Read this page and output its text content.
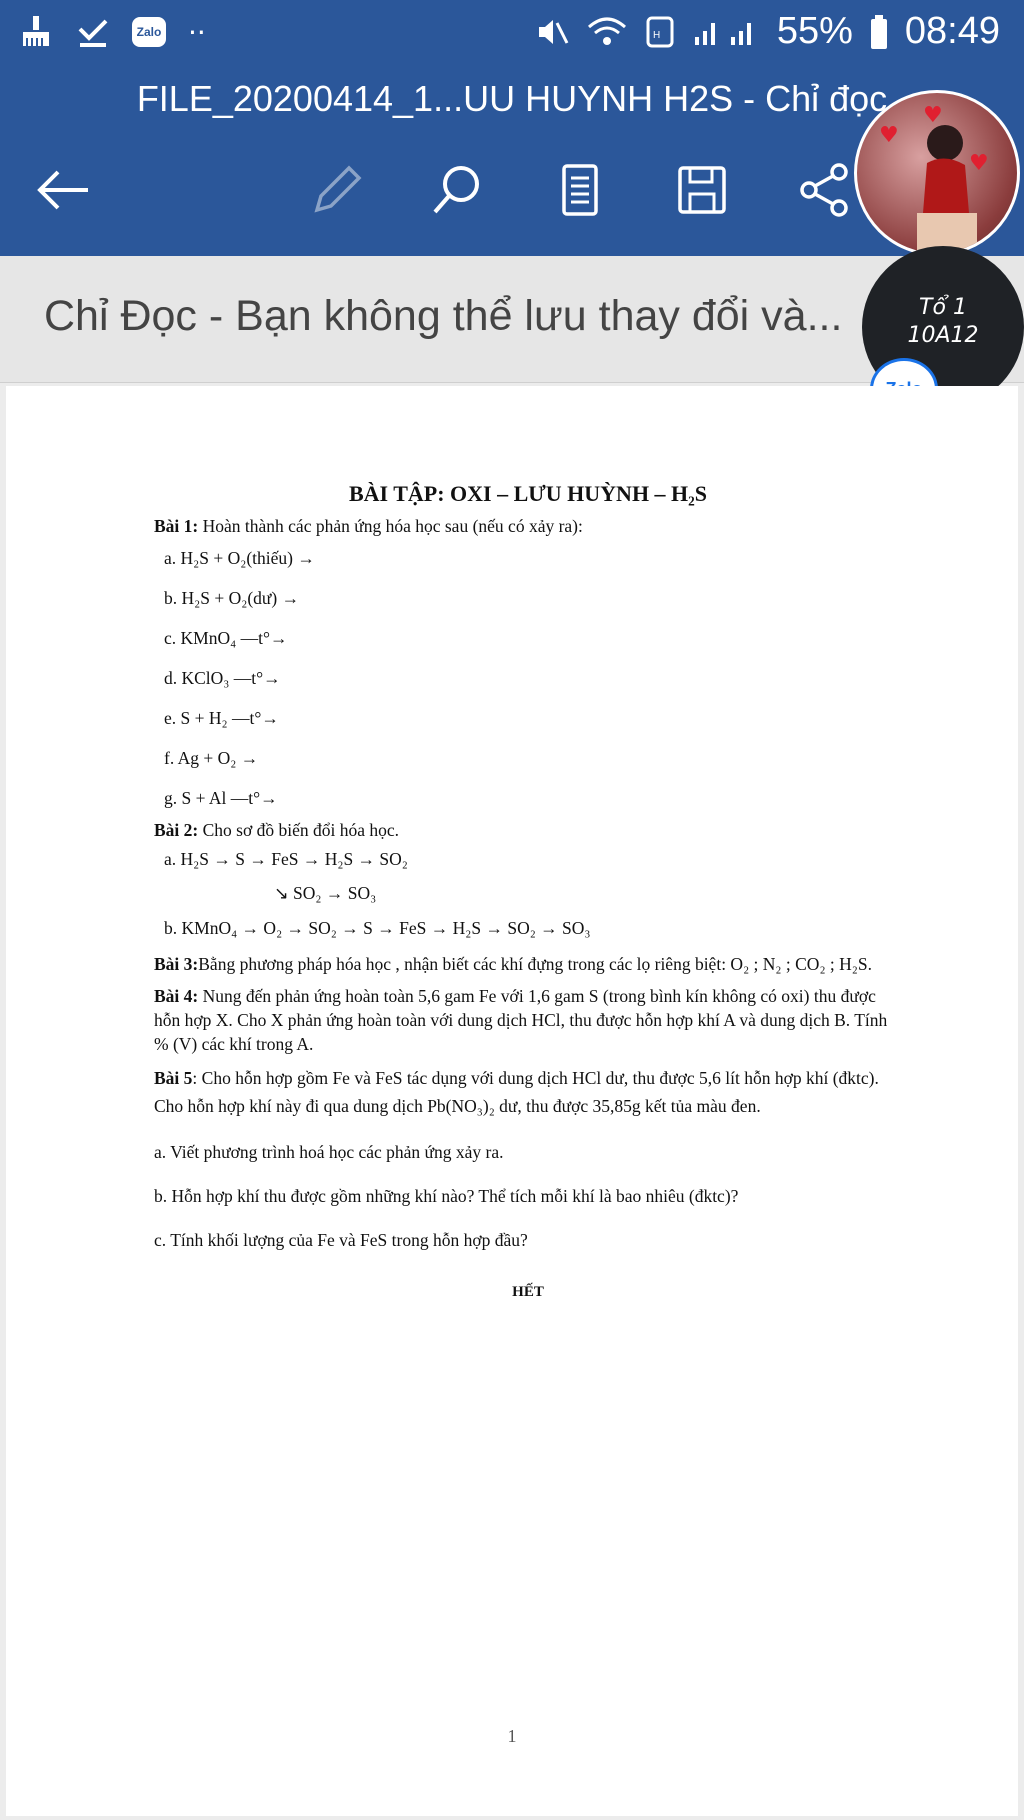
Zalo ··	H	55% 08:49
FILE_20200414_1...UU HUYNH H2S - Chỉ đọc
Chỉ Đọc - Bạn không thể lưu thay đổi và...
♥
♥
♥
Tổ 1
10A12
BÀI TẬP: OXI – LƯU HUỲNH – H₂S

Bài 1: Hoàn thành các phản ứng hóa học sau (nếu có xảy ra):

a. H₂S + O₂(thiếu) →
b. H₂S + O₂(dư) →
c. KMnO₄ —t°→
d. KClO₃ —t°→
e. S + H₂ —t°→
f. Ag + O₂ →
g. S + Al —t°→

Bài 2: Cho sơ đồ biến đổi hóa học.

a. H₂S → S → FeS → H₂S → SO₂
↘ SO₂ → SO₃
b. KMnO₄ → O₂ → SO₂ → S → FeS → H₂S → SO₂ → SO₃

Bài 3:Bằng phương pháp hóa học , nhận biết các khí đựng trong các lọ riêng biệt: O₂ ; N₂ ; CO₂ ; H₂S.

Bài 4: Nung đến phản ứng hoàn toàn 5,6 gam Fe với 1,6 gam S (trong bình kín không có oxi) thu được hỗn hợp X. Cho X phản ứng hoàn toàn với dung dịch HCl, thu được hỗn hợp khí A và dung dịch B. Tính % (V) các khí trong A.

Bài 5: Cho hỗn hợp gồm Fe và FeS tác dụng với dung dịch HCl dư, thu được 5,6 lít hỗn hợp khí (đktc). Cho hỗn hợp khí này đi qua dung dịch Pb(NO₃)₂ dư, thu được 35,85g kết tủa màu đen.

a. Viết phương trình hoá học các phản ứng xảy ra.

b. Hỗn hợp khí thu được gồm những khí nào? Thể tích mỗi khí là bao nhiêu (đktc)?

c. Tính khối lượng của Fe và FeS trong hỗn hợp đầu?

HẾT
1
